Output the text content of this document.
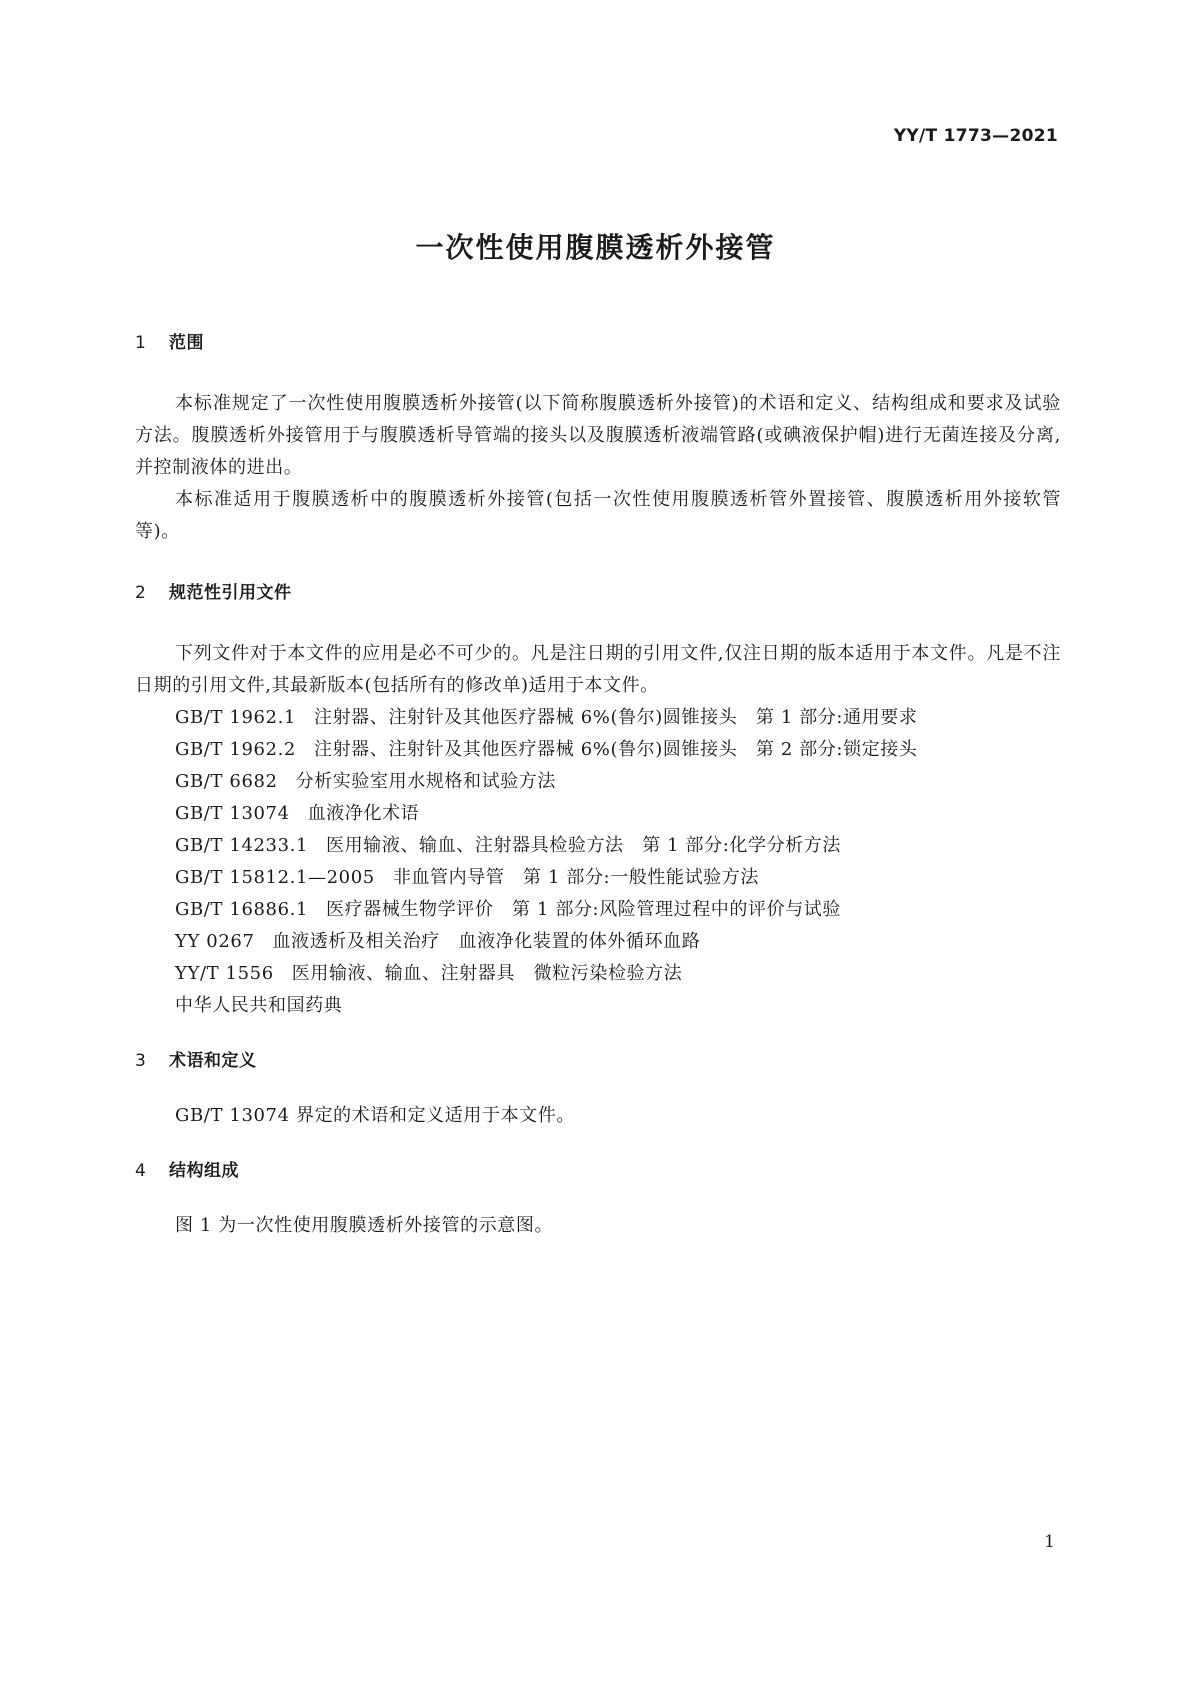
YY/T 1773—2021
一次性使用腹膜透析外接管
1 范围

本标准规定了一次性使用腹膜透析外接管(以下简称腹膜透析外接管)的术语和定义、结构组成和要求及试验方法。腹膜透析外接管用于与腹膜透析导管端的接头以及腹膜透析液端管路(或碘液保护帽)进行无菌连接及分离,并控制液体的进出。

本标准适用于腹膜透析中的腹膜透析外接管(包括一次性使用腹膜透析管外置接管、腹膜透析用外接软管等)。

2 规范性引用文件

下列文件对于本文件的应用是必不可少的。凡是注日期的引用文件,仅注日期的版本适用于本文件。凡是不注日期的引用文件,其最新版本(包括所有的修改单)适用于本文件。

GB/T 1962.1 注射器、注射针及其他医疗器械 6%(鲁尔)圆锥接头　第 1 部分:通用要求
GB/T 1962.2 注射器、注射针及其他医疗器械 6%(鲁尔)圆锥接头　第 2 部分:锁定接头
GB/T 6682 分析实验室用水规格和试验方法
GB/T 13074 血液净化术语
GB/T 14233.1 医用输液、输血、注射器具检验方法　第 1 部分:化学分析方法
GB/T 15812.1—2005 非血管内导管　第 1 部分:一般性能试验方法
GB/T 16886.1 医疗器械生物学评价　第 1 部分:风险管理过程中的评价与试验
YY 0267 血液透析及相关治疗　血液净化装置的体外循环血路
YY/T 1556 医用输液、输血、注射器具　微粒污染检验方法
中华人民共和国药典
3 术语和定义

GB/T 13074 界定的术语和定义适用于本文件。

4 结构组成

图 1 为一次性使用腹膜透析外接管的示意图。

1
